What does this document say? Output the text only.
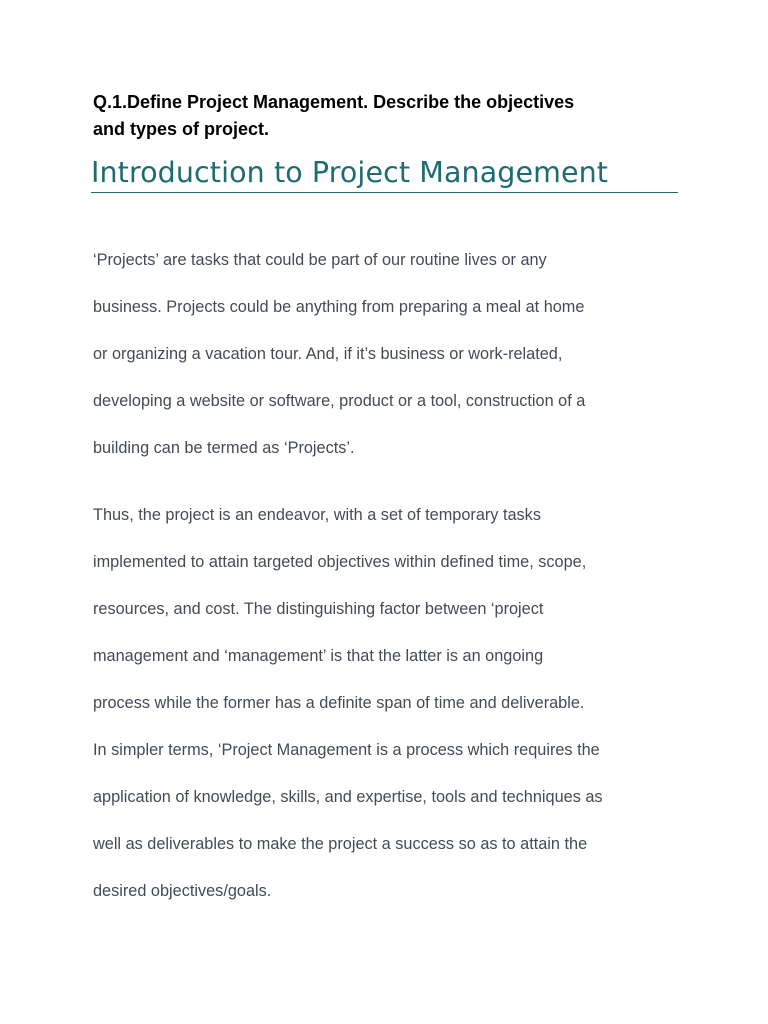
Q.1.Define Project Management. Describe the objectives
and types of project.

Introduction to Project Management

‘Projects’ are tasks that could be part of our routine lives or any
business. Projects could be anything from preparing a meal at home
or organizing a vacation tour. And, if it’s business or work-related,
developing a website or software, product or a tool, construction of a
building can be termed as ‘Projects’.

Thus, the project is an endeavor, with a set of temporary tasks
implemented to attain targeted objectives within defined time, scope,
resources, and cost. The distinguishing factor between ‘project
management and ‘management’ is that the latter is an ongoing
process while the former has a definite span of time and deliverable.
In simpler terms, ‘Project Management is a process which requires the
application of knowledge, skills, and expertise, tools and techniques as
well as deliverables to make the project a success so as to attain the
desired objectives/goals.
